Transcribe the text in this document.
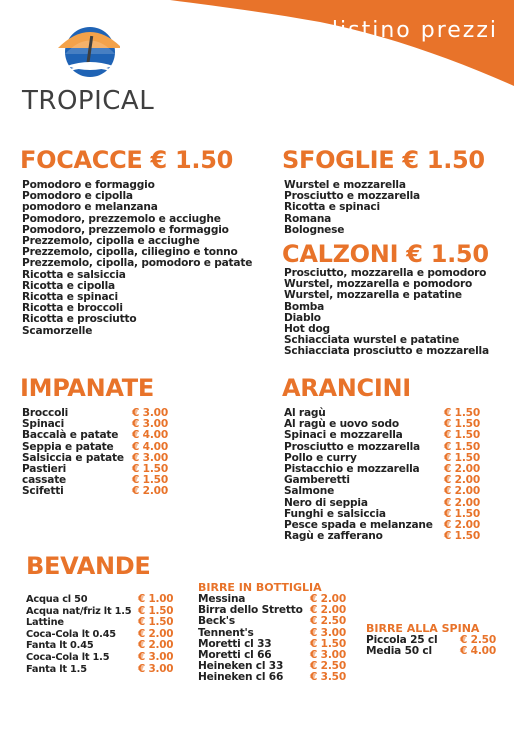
listino prezzi
TROPICAL
FOCACCE € 1.50
Pomodoro e formaggio
Pomodoro e cipolla
pomodoro e melanzana
Pomodoro, prezzemolo e acciughe
Pomodoro, prezzemolo e formaggio
Prezzemolo, cipolla e acciughe
Prezzemolo, cipolla, ciliegino e tonno
Prezzemolo, cipolla, pomodoro e patate
Ricotta e salsiccia
Ricotta e cipolla
Ricotta e spinaci
Ricotta e broccoli
Ricotta e prosciutto
Scamorzelle
SFOGLIE € 1.50
Wurstel e mozzarella
Prosciutto e mozzarella
Ricotta e spinaci
Romana
Bolognese
CALZONI € 1.50
Prosciutto, mozzarella e pomodoro
Wurstel, mozzarella e pomodoro
Wurstel, mozzarella e patatine
Bomba
Diablo
Hot dog
Schiacciata wurstel e patatine
Schiacciata prosciutto e mozzarella
IMPANATE
Broccoli	€ 3.00
Spinaci	€ 3.00
Baccalà e patate € 4.00
Seppia e patate € 4.00
Salsiccia e patate € 3.00
Pastieri	€ 1.50
cassate	€ 1.50
Scifetti	€ 2.00
ARANCINI
Al ragù	€ 1.50
Al ragù e uovo sodo	€ 1.50
Spinaci e mozzarella	€ 1.50
Prosciutto e mozzarella € 1.50
Pollo e curry	€ 1.50
Pistacchio e mozzarella € 2.00
Gamberetti	€ 2.00
Salmone	€ 2.00
Nero di seppia	€ 2.00
Funghi e salsiccia	€ 1.50
Pesce spada e melanzane € 2.00
Ragù e zafferano	€ 1.50
BEVANDE
Acqua cl 50	€ 1.00
Acqua nat/friz lt 1.5 € 1.50
Lattine	€ 1.50
Coca-Cola lt 0.45 € 2.00
Fanta lt 0.45	€ 2.00
Coca-Cola lt 1.5	€ 3.00
Fanta lt 1.5	€ 3.00
BIRRE IN BOTTIGLIA
Messina	€ 2.00
Birra dello Stretto € 2.00
Beck's	€ 2.50
Tennent's	€ 3.00
Moretti cl 33	€ 1.50
Moretti cl 66	€ 3.00
Heineken cl 33	€ 2.50
Heineken cl 66	€ 3.50
BIRRE ALLA SPINA
Piccola 25 cl € 2.50
Media 50 cl	€ 4.00
